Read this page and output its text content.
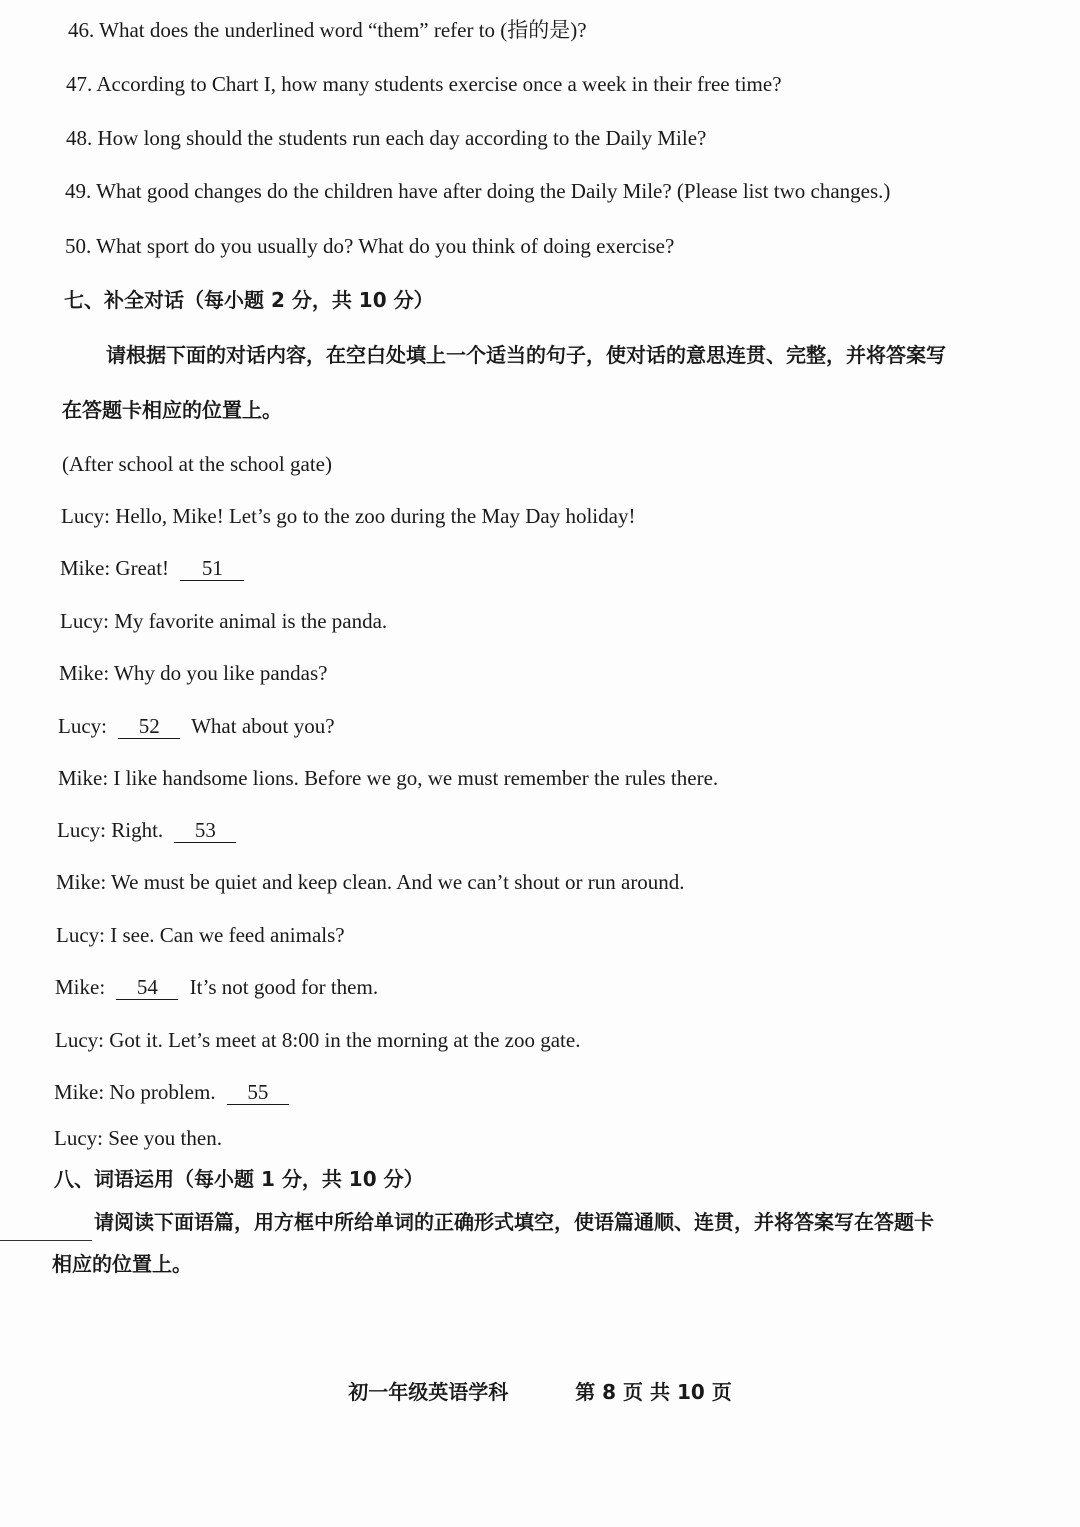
46. What does the underlined word “them” refer to (指的是)?
47. According to Chart I, how many students exercise once a week in their free time?
48. How long should the students run each day according to the Daily Mile?
49. What good changes do the children have after doing the Daily Mile? (Please list two changes.)
50. What sport do you usually do? What do you think of doing exercise?
七、补全对话（每小题 2 分，共 10 分）
请根据下面的对话内容，在空白处填上一个适当的句子，使对话的意思连贯、完整，并将答案写
在答题卡相应的位置上。
(After school at the school gate)
Lucy: Hello, Mike! Let’s go to the zoo during the May Day holiday!
Mike: Great! 51
Lucy: My favorite animal is the panda.
Mike: Why do you like pandas?
Lucy: 52 What about you?
Mike: I like handsome lions. Before we go, we must remember the rules there.
Lucy: Right. 53
Mike: We must be quiet and keep clean. And we can’t shout or run around.
Lucy: I see. Can we feed animals?
Mike: 54 It’s not good for them.
Lucy: Got it. Let’s meet at 8:00 in the morning at the zoo gate.
Mike: No problem. 55
Lucy: See you then.
八、词语运用（每小题 1 分，共 10 分）
请阅读下面语篇，用方框中所给单词的正确形式填空，使语篇通顺、连贯，并将答案写在答题卡
相应的位置上。
初一年级英语学科	第 8 页 共 10 页
